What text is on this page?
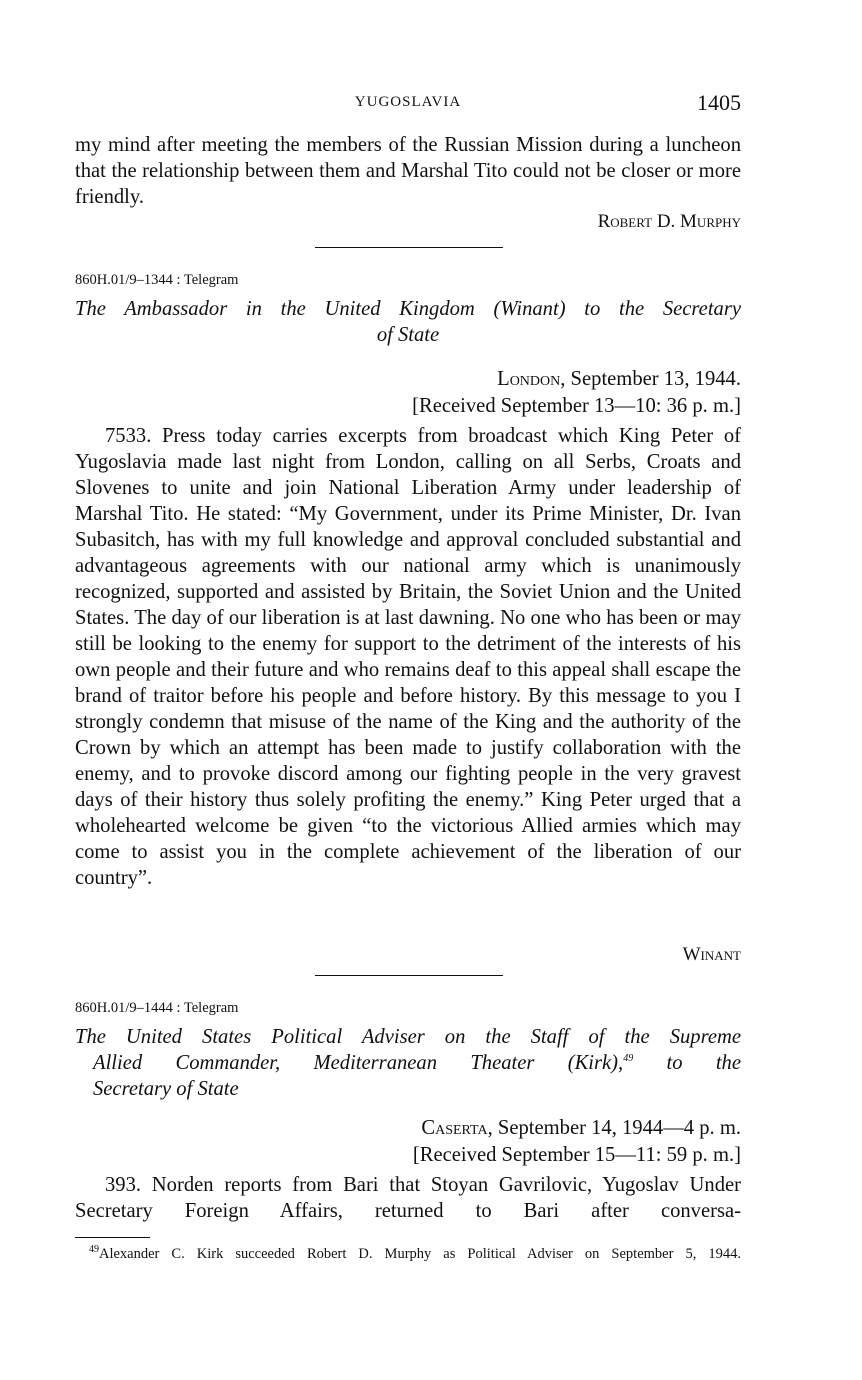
YUGOSLAVIA	1405

my mind after meeting the members of the Russian Mission during a luncheon that the relationship between them and Marshal Tito could not be closer or more friendly.

Robert D. Murphy
860H.01/9–1344 : Telegram
The Ambassador in the United Kingdom (Winant) to the Secretary
of State
London, September 13, 1944.
[Received September 13—10: 36 p. m.]

7533. Press today carries excerpts from broadcast which King Peter of Yugoslavia made last night from London, calling on all Serbs, Croats and Slovenes to unite and join National Liberation Army under leadership of Marshal Tito. He stated: “My Government, under its Prime Minister, Dr. Ivan Subasitch, has with my full knowledge and approval concluded substantial and advantageous agreements with our national army which is unanimously recognized, supported and assisted by Britain, the Soviet Union and the United States. The day of our liberation is at last dawning. No one who has been or may still be looking to the enemy for support to the detriment of the interests of his own people and their future and who remains deaf to this appeal shall escape the brand of traitor before his people and before history. By this message to you I strongly condemn that misuse of the name of the King and the authority of the Crown by which an attempt has been made to justify collaboration with the enemy, and to provoke discord among our fighting people in the very gravest days of their history thus solely profiting the enemy.” King Peter urged that a wholehearted welcome be given “to the victorious Allied armies which may come to assist you in the complete achievement of the liberation of our country”.

Winant
860H.01/9–1444 : Telegram
The United States Political Adviser on the Staff of the Supreme
Allied Commander, Mediterranean Theater (Kirk),$^{49}$ to the
Secretary of State
Caserta, September 14, 1944—4 p. m.
[Received September 15—11: 59 p. m.]

393. Norden reports from Bari that Stoyan Gavrilovic, Yugoslav Under Secretary Foreign Affairs, returned to Bari after conversa-

$^{49}$Alexander C. Kirk succeeded Robert D. Murphy as Political Adviser on September 5, 1944.
